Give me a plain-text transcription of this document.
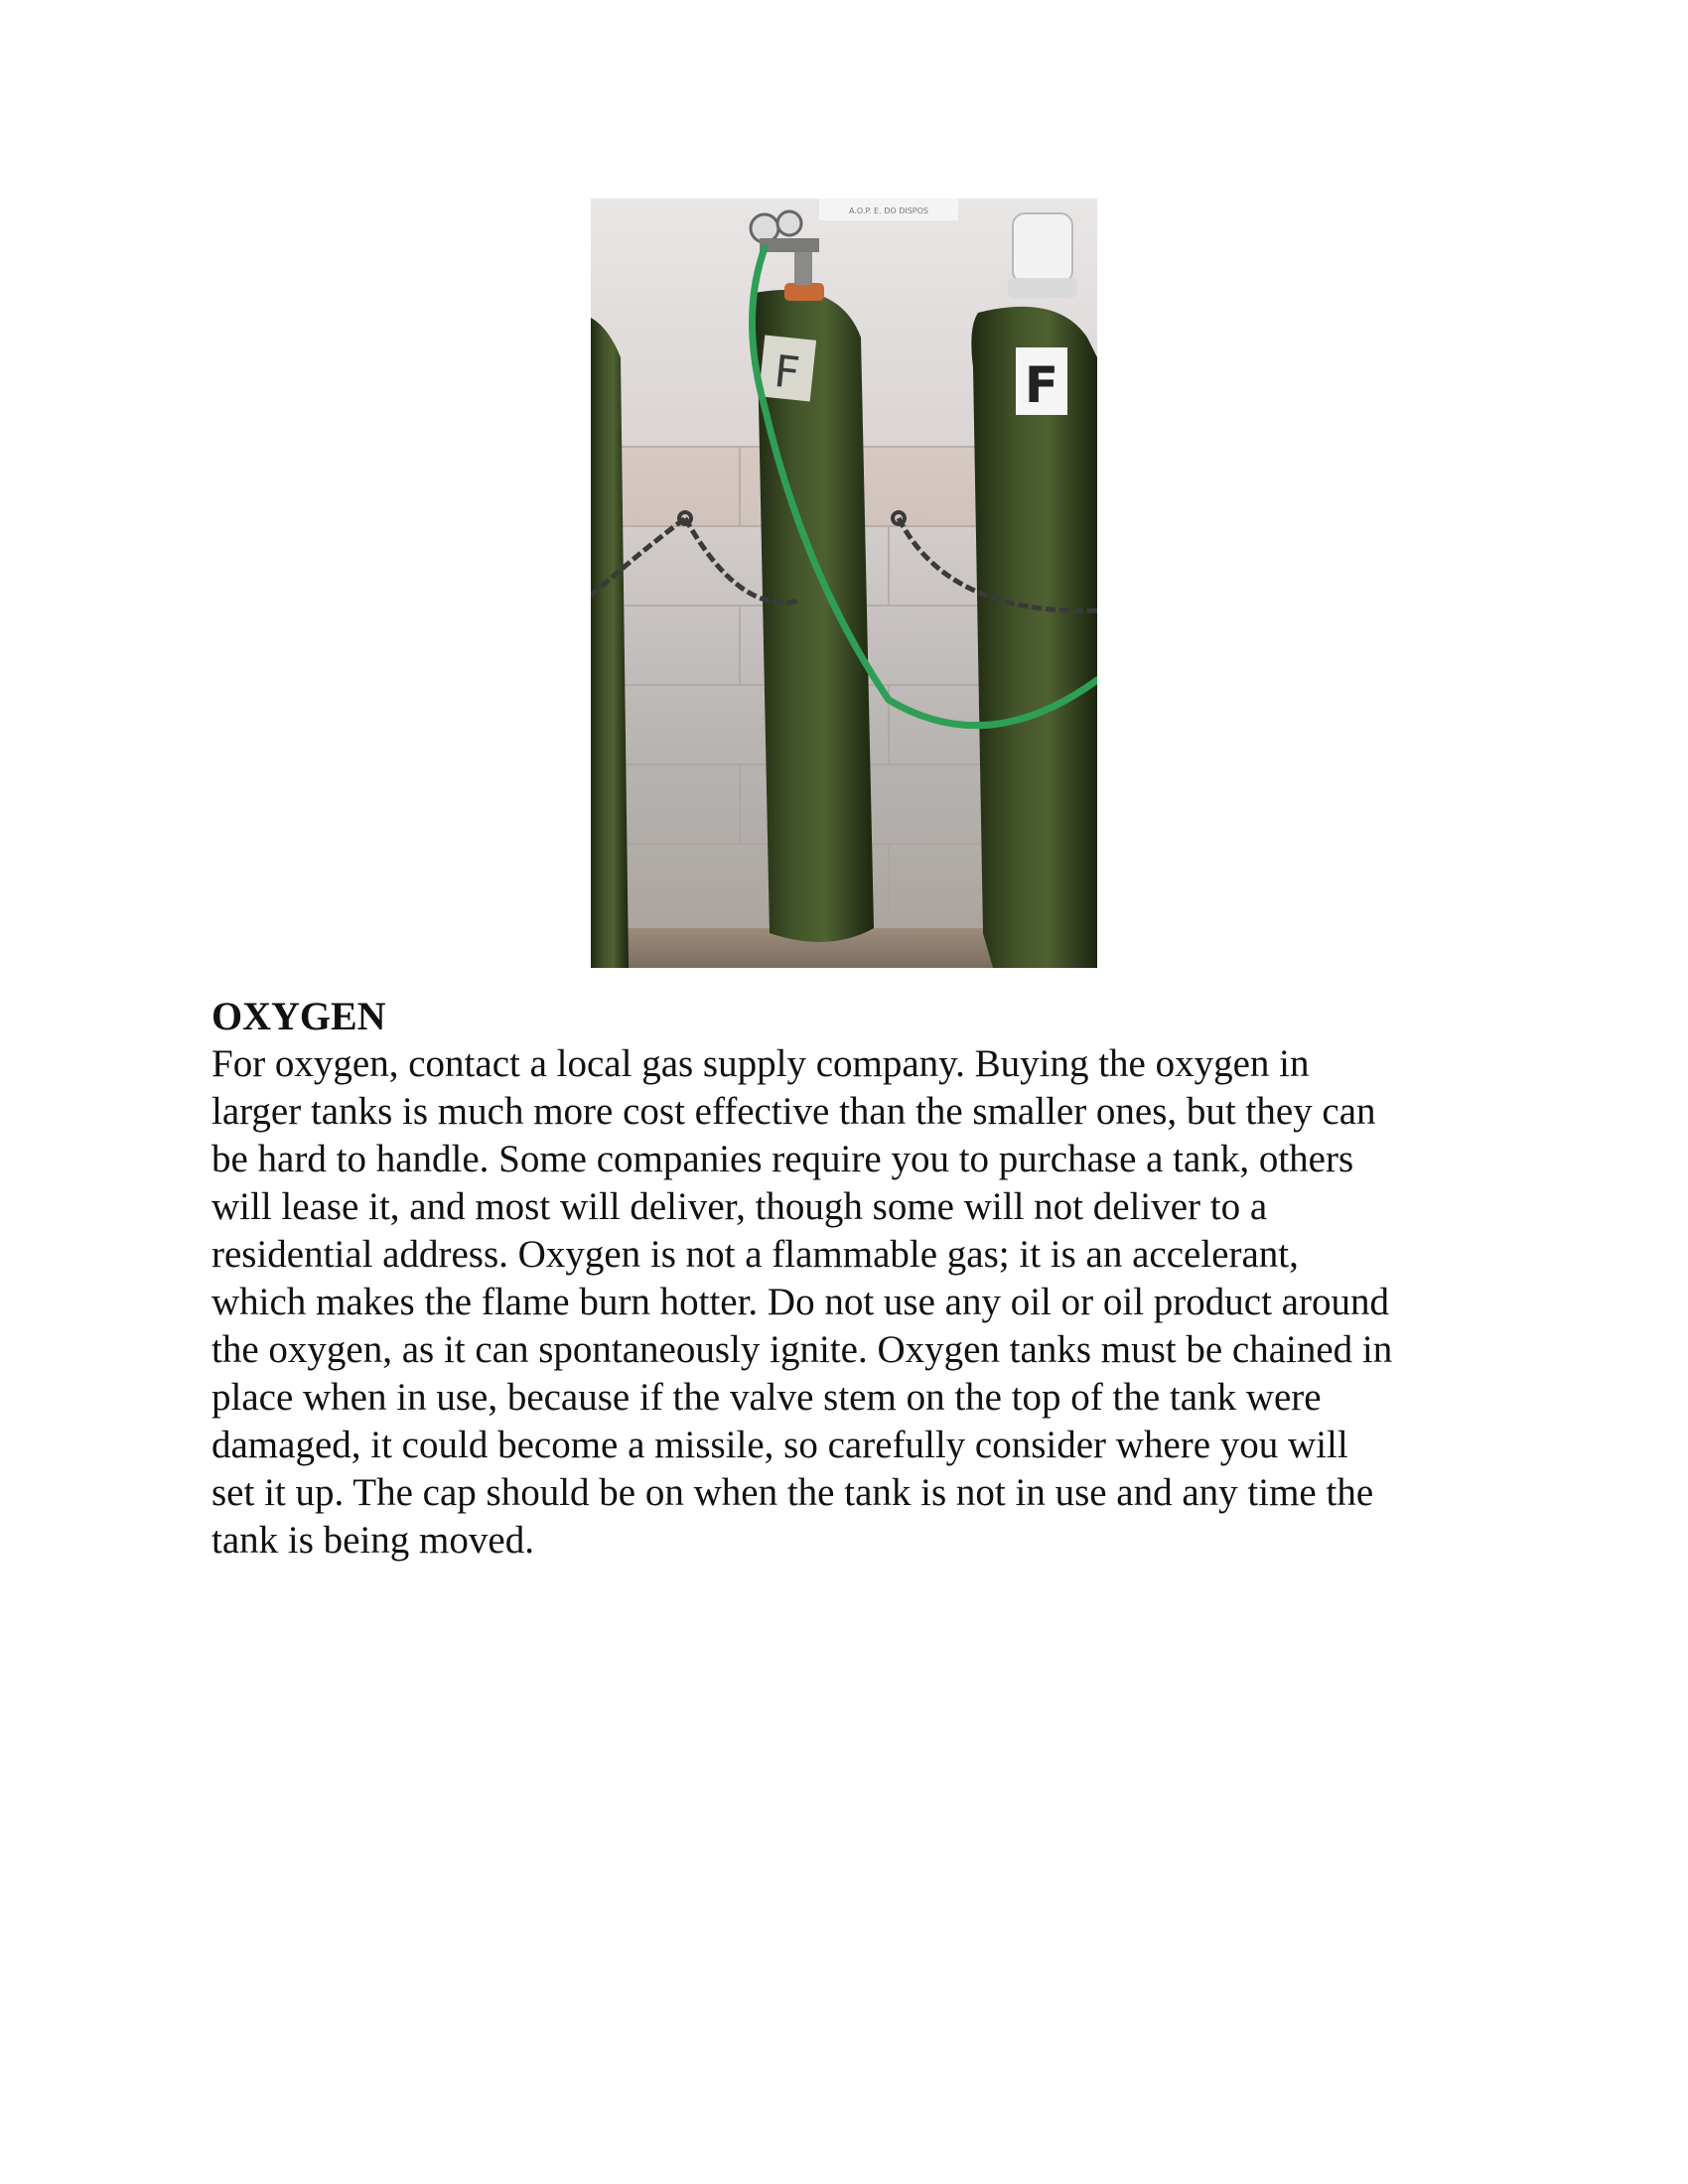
A.O.P. E. DO DISPOS
F	F
OXYGEN

For oxygen, contact a local gas supply company. Buying the oxygen in
larger tanks is much more cost effective than the smaller ones, but they can
be hard to handle. Some companies require you to purchase a tank, others
will lease it, and most will deliver, though some will not deliver to a
residential address. Oxygen is not a flammable gas; it is an accelerant,
which makes the flame burn hotter. Do not use any oil or oil product around
the oxygen, as it can spontaneously ignite. Oxygen tanks must be chained in
place when in use, because if the valve stem on the top of the tank were
damaged, it could become a missile, so carefully consider where you will
set it up. The cap should be on when the tank is not in use and any time the
tank is being moved.
